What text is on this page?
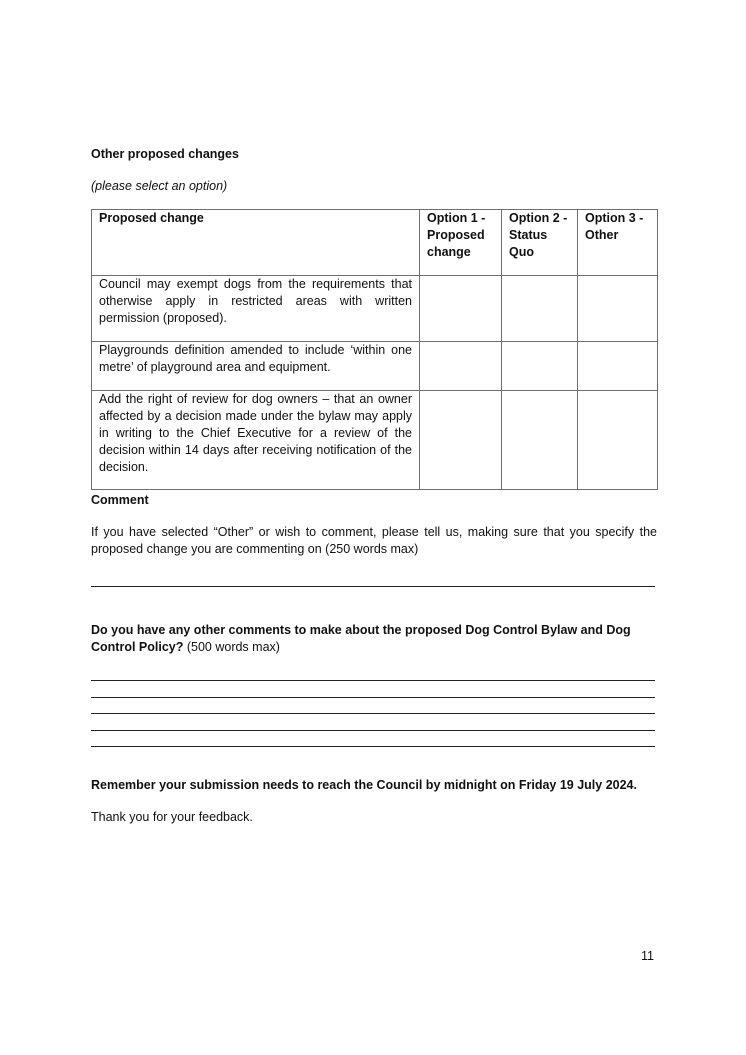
Other proposed changes
(please select an option)
Proposed change	Option 1 - Proposed change	Option 2 - Status Quo	Option 3 - Other
Council may exempt dogs from the requirements that otherwise apply in restricted areas with written permission (proposed).			
Playgrounds definition amended to include ‘within one metre’ of playground area and equipment.			
Add the right of review for dog owners – that an owner affected by a decision made under the bylaw may apply in writing to the Chief Executive for a review of the decision within 14 days after receiving notification of the decision.			
Comment
If you have selected “Other” or wish to comment, please tell us, making sure that you specify the proposed change you are commenting on (250 words max)
Do you have any other comments to make about the proposed Dog Control Bylaw and Dog Control Policy? (500 words max)
Remember your submission needs to reach the Council by midnight on Friday 19 July 2024.
Thank you for your feedback.
11
